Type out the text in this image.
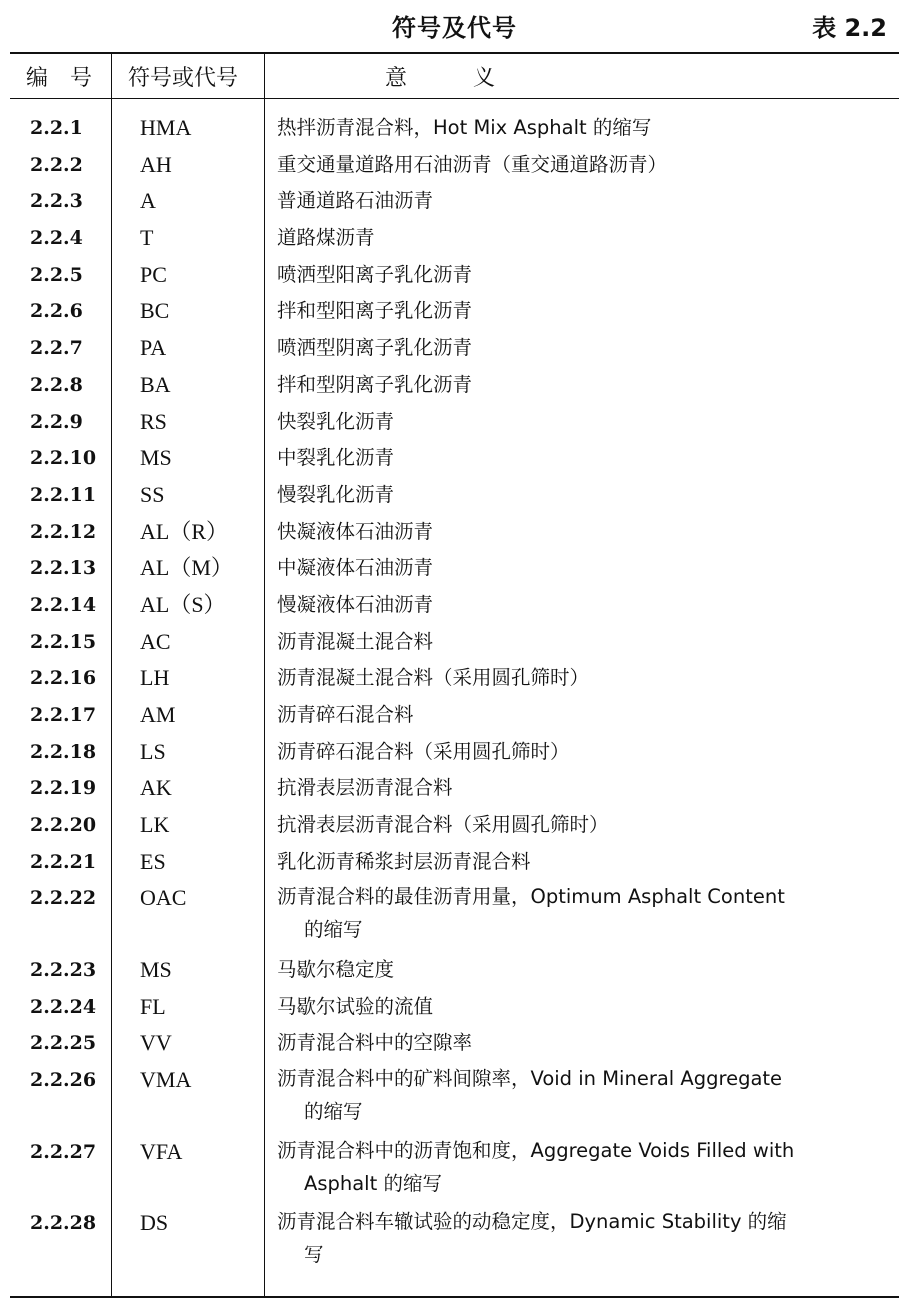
符号及代号	表 2.2
编　号	符号或代号	意　　　义
2.2.1	HMA	热拌沥青混合料，Hot Mix Asphalt 的缩写
2.2.2	AH	重交通量道路用石油沥青（重交通道路沥青）
2.2.3	A	普通道路石油沥青
2.2.4	T	道路煤沥青
2.2.5	PC	喷洒型阳离子乳化沥青
2.2.6	BC	拌和型阳离子乳化沥青
2.2.7	PA	喷洒型阴离子乳化沥青
2.2.8	BA	拌和型阴离子乳化沥青
2.2.9	RS	快裂乳化沥青
2.2.10	MS	中裂乳化沥青
2.2.11	SS	慢裂乳化沥青
2.2.12	AL（R）	快凝液体石油沥青
2.2.13	AL（M）	中凝液体石油沥青
2.2.14	AL（S）	慢凝液体石油沥青
2.2.15	AC	沥青混凝土混合料
2.2.16	LH	沥青混凝土混合料（采用圆孔筛时）
2.2.17	AM	沥青碎石混合料
2.2.18	LS	沥青碎石混合料（采用圆孔筛时）
2.2.19	AK	抗滑表层沥青混合料
2.2.20	LK	抗滑表层沥青混合料（采用圆孔筛时）
2.2.21	ES	乳化沥青稀浆封层沥青混合料
2.2.22	OAC	沥青混合料的最佳沥青用量，Optimum Asphalt Content
的缩写
2.2.23	MS	马歇尔稳定度
2.2.24	FL	马歇尔试验的流值
2.2.25	VV	沥青混合料中的空隙率
2.2.26	VMA	沥青混合料中的矿料间隙率，Void in Mineral Aggregate
的缩写
2.2.27	VFA	沥青混合料中的沥青饱和度，Aggregate Voids Filled with
Asphalt 的缩写
2.2.28	DS	沥青混合料车辙试验的动稳定度，Dynamic Stability 的缩
写
